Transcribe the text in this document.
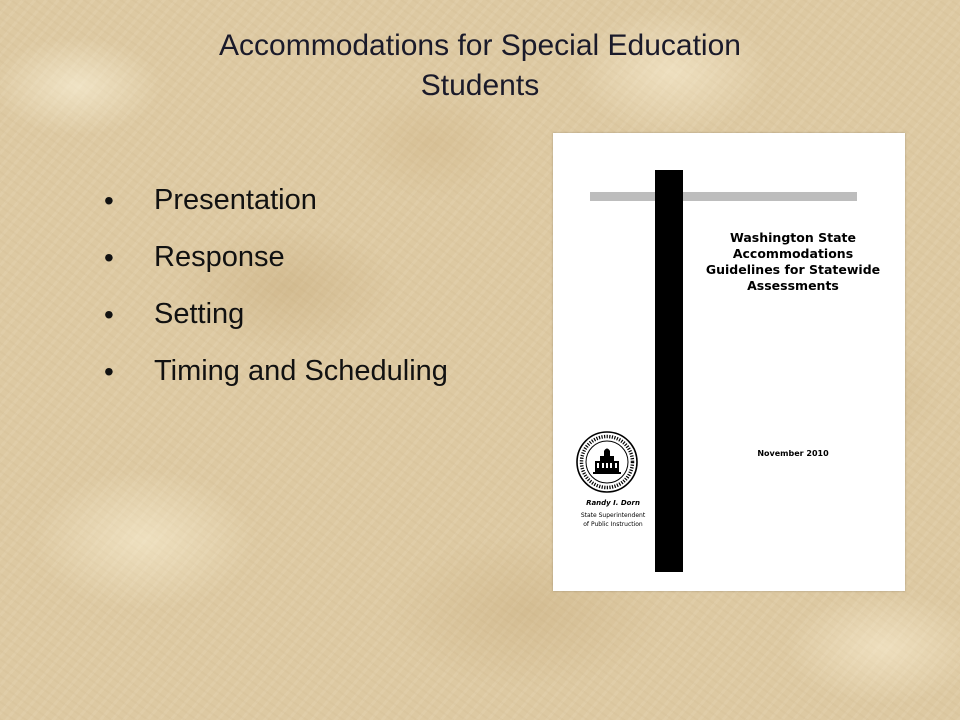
Accommodations for Special Education
Students
•	Presentation
•	Response
•	Setting
•	Timing and Scheduling
Washington State
Accommodations
Guidelines for Statewide
Assessments
November 2010
Randy I. Dorn
State Superintendent
of Public Instruction
